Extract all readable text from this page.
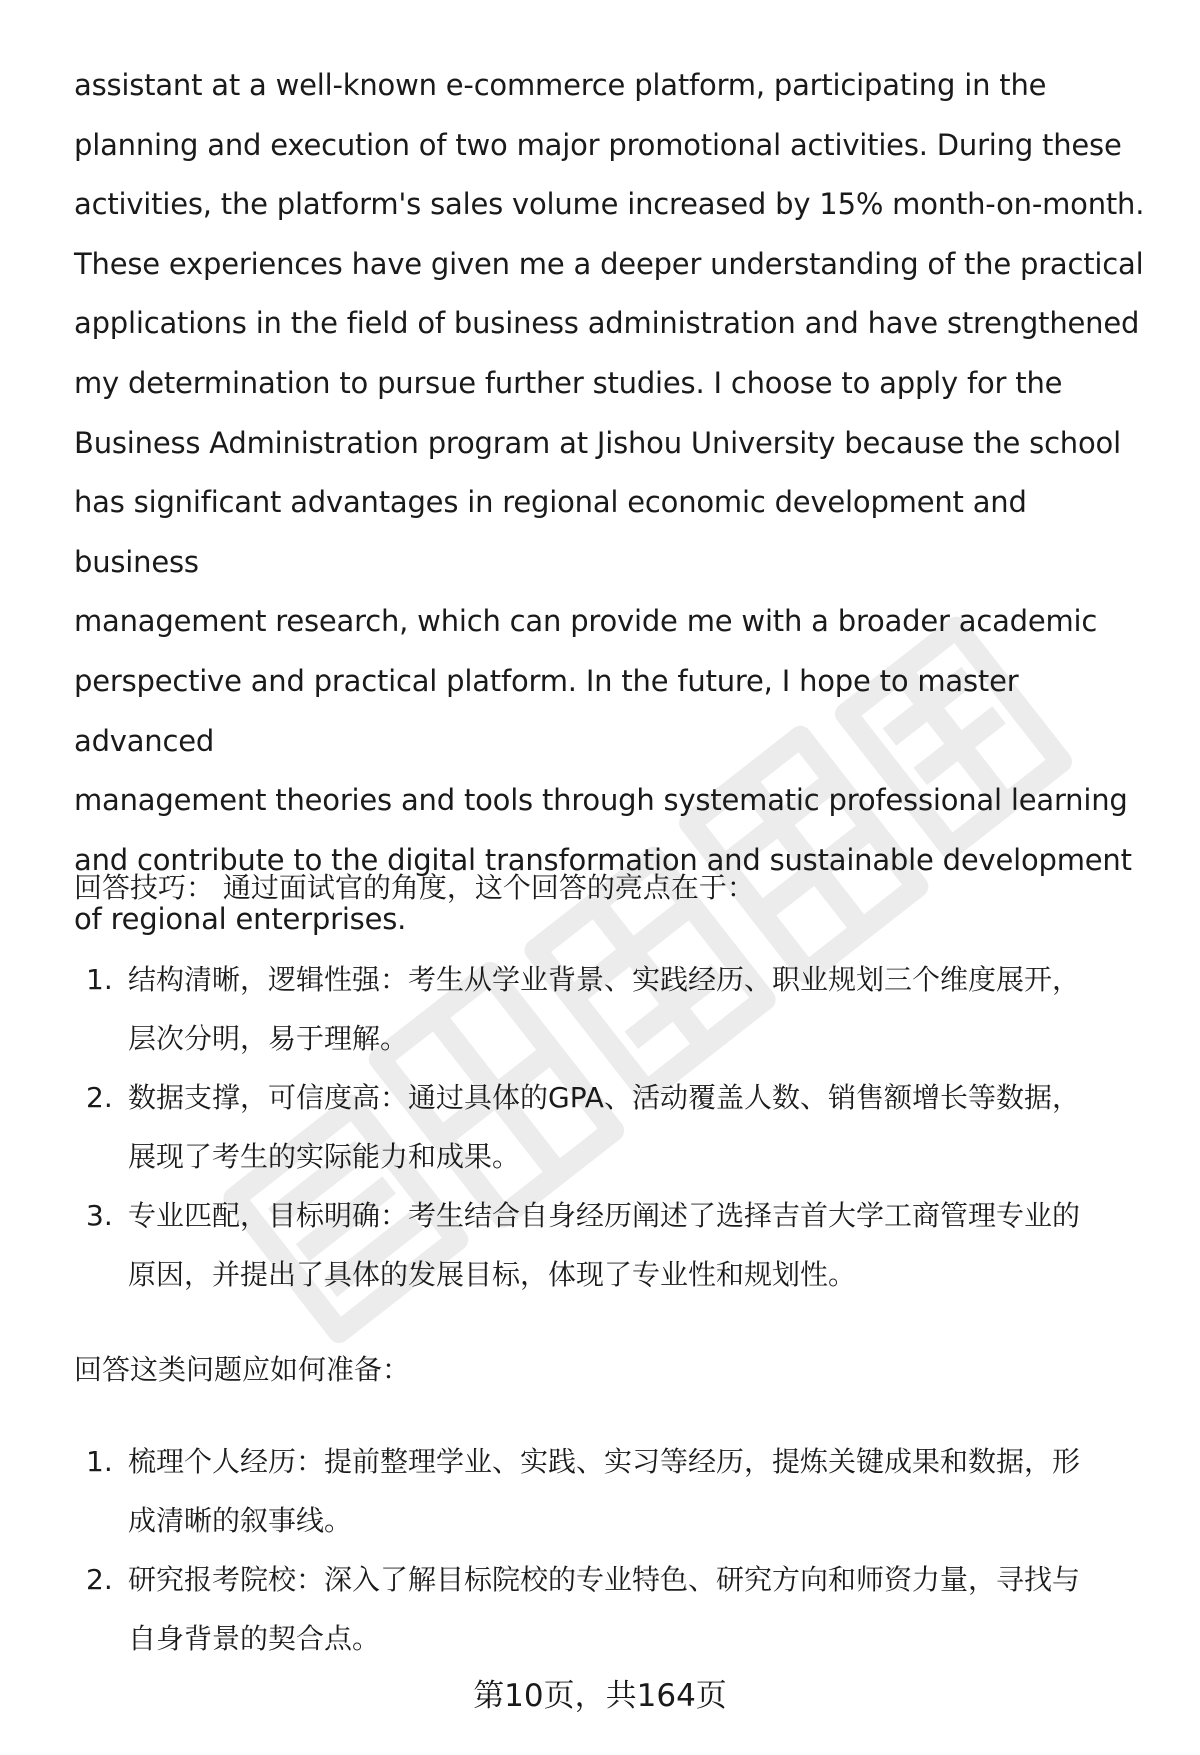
assistant at a well-known e-commerce platform, participating in the

planning and execution of two major promotional activities. During these

activities, the platform's sales volume increased by 15% month-on-month.

These experiences have given me a deeper understanding of the practical

applications in the field of business administration and have strengthened

my determination to pursue further studies. I choose to apply for the

Business Administration program at Jishou University because the school

has significant advantages in regional economic development and business

management research, which can provide me with a broader academic

perspective and practical platform. In the future, I hope to master advanced

management theories and tools through systematic professional learning

and contribute to the digital transformation and sustainable development

of regional enterprises.

回答技巧： 通过面试官的角度，这个回答的亮点在于：

1. 结构清晰，逻辑性强：考生从学业背景、实践经历、职业规划三个维度展开，
层次分明，易于理解。
2. 数据支撑，可信度高：通过具体的GPA、活动覆盖人数、销售额增长等数据，
展现了考生的实际能力和成果。
3. 专业匹配，目标明确：考生结合自身经历阐述了选择吉首大学工商管理专业的
原因，并提出了具体的发展目标，体现了专业性和规划性。

回答这类问题应如何准备：

1. 梳理个人经历：提前整理学业、实践、实习等经历，提炼关键成果和数据，形
成清晰的叙事线。
2. 研究报考院校：深入了解目标院校的专业特色、研究方向和师资力量，寻找与
自身背景的契合点。
第10页，共164页
